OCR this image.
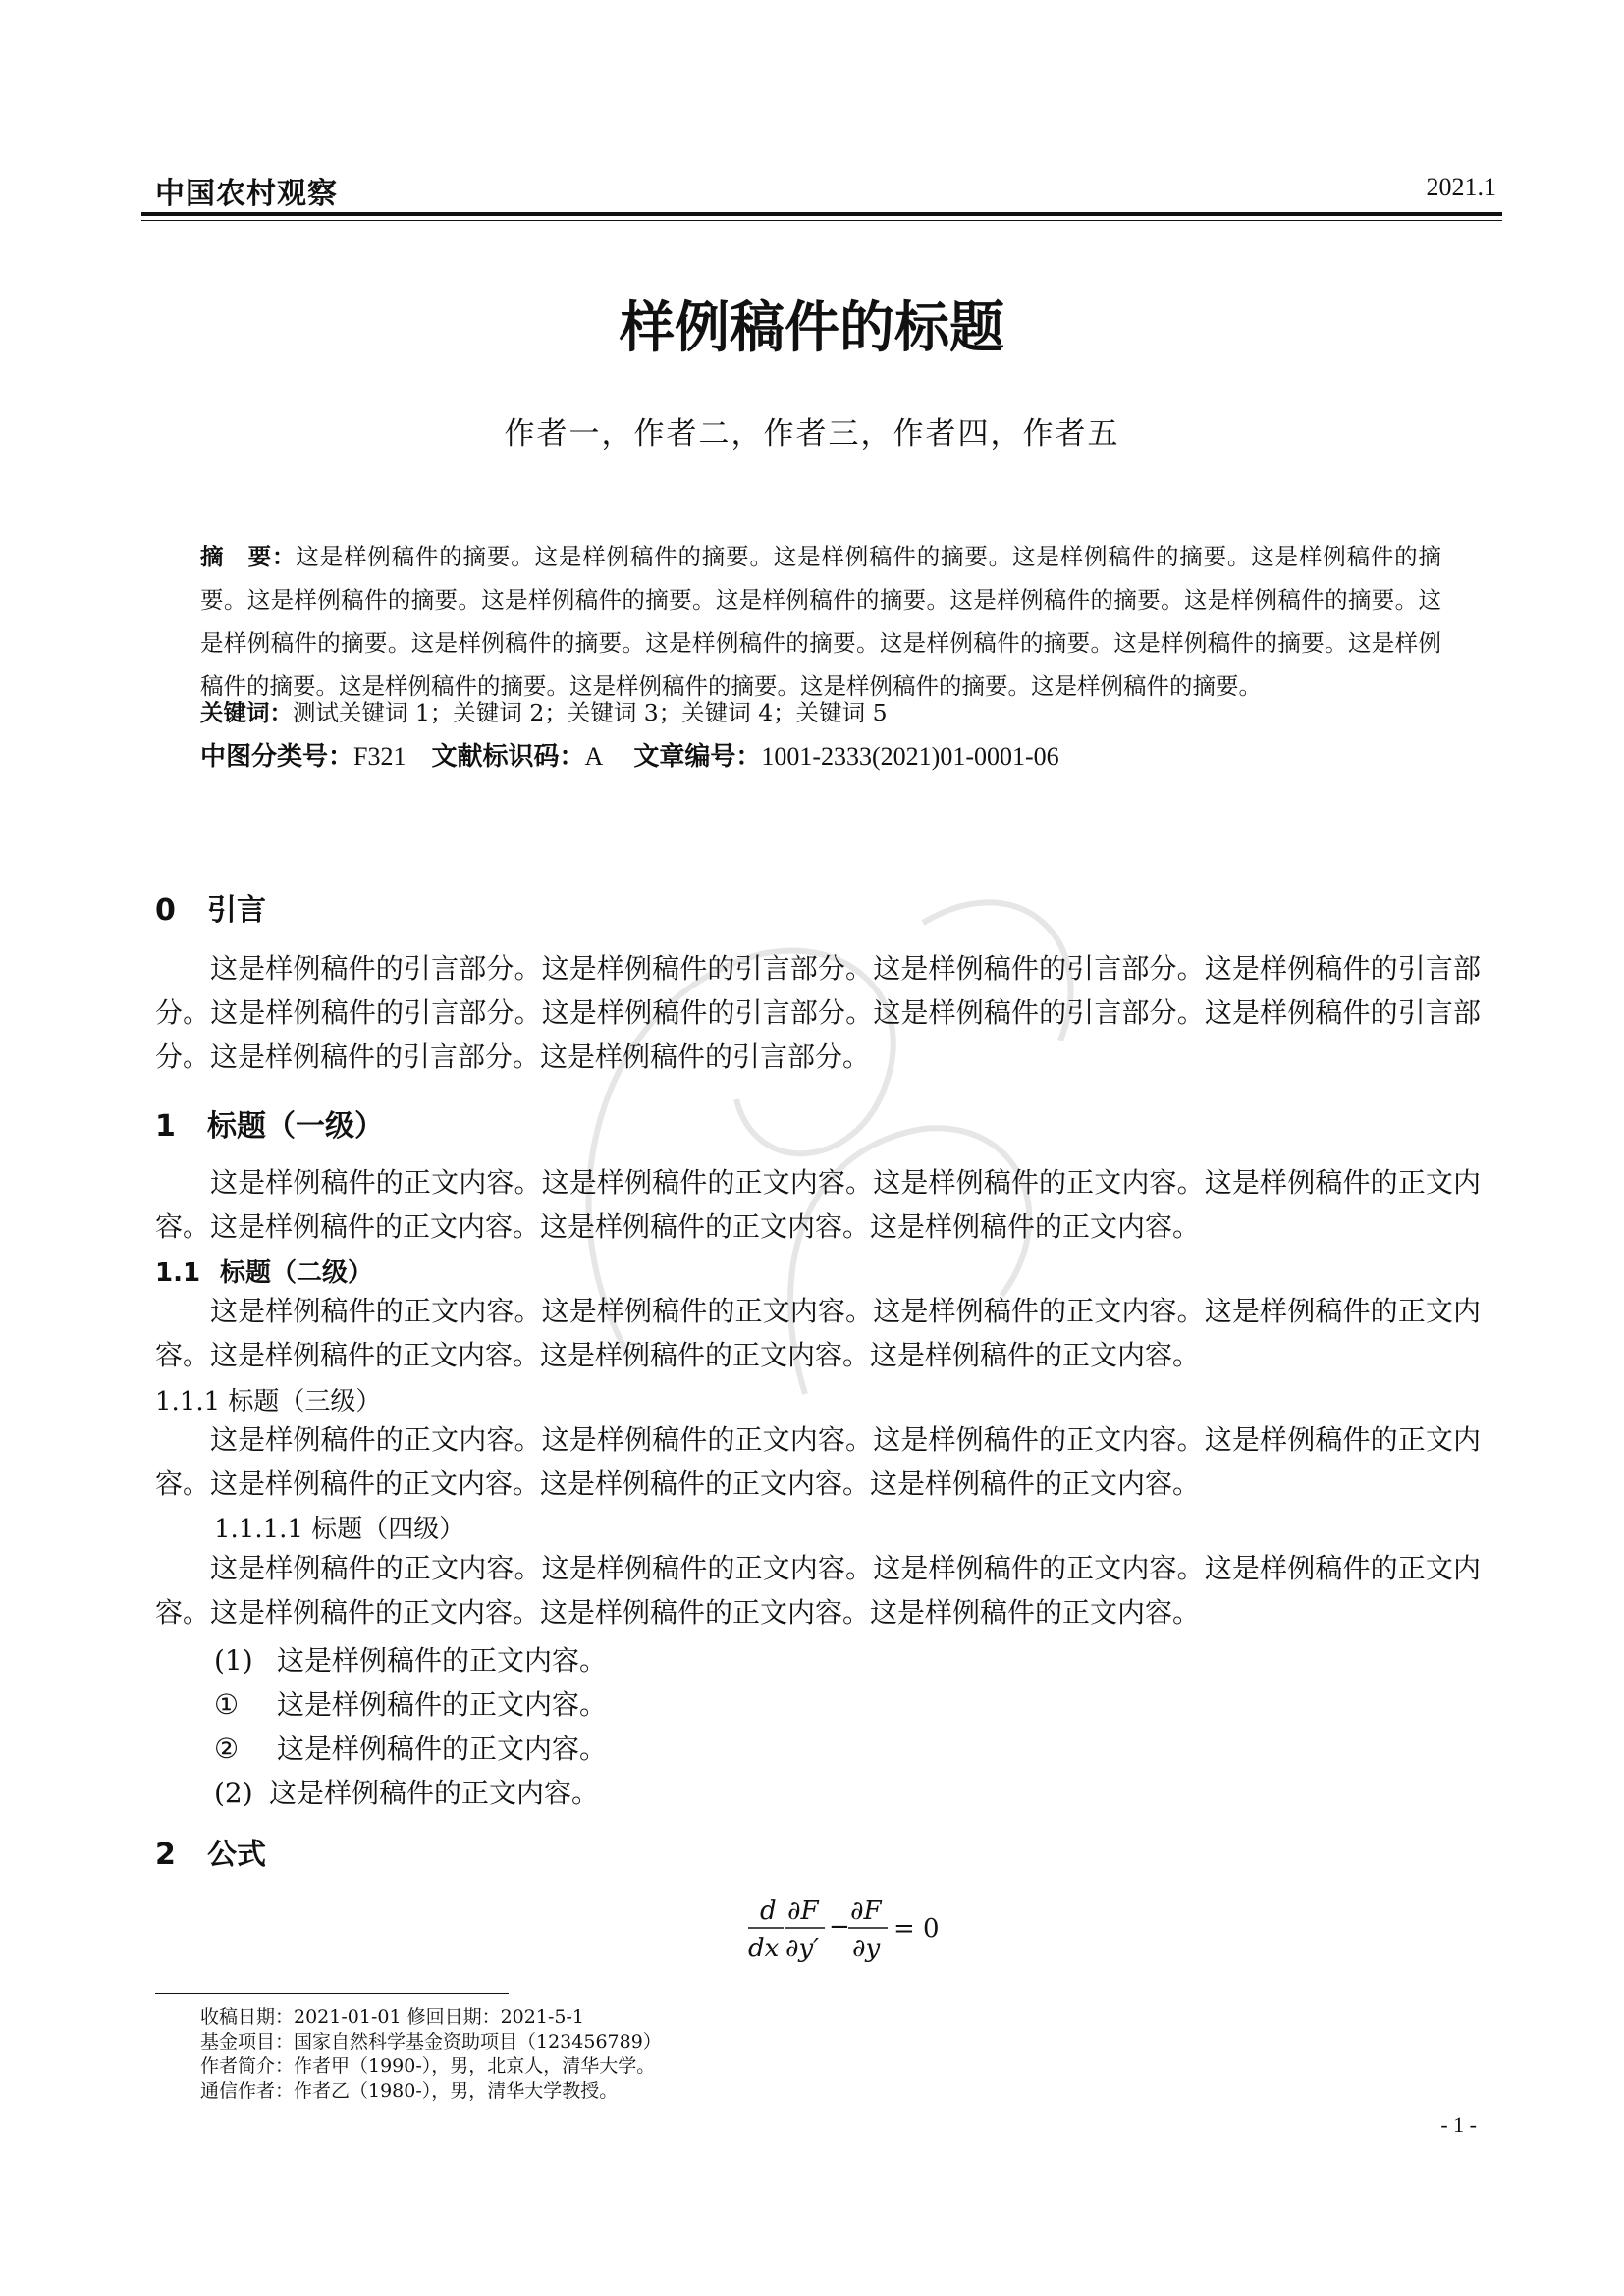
中国农村观察	2021.1
样例稿件的标题
作者一，作者二，作者三，作者四，作者五
摘　要：这是样例稿件的摘要。这是样例稿件的摘要。这是样例稿件的摘要。这是样例稿件的摘要。这是样例稿件的摘要。这是样例稿件的摘要。这是样例稿件的摘要。这是样例稿件的摘要。这是样例稿件的摘要。这是样例稿件的摘要。这是样例稿件的摘要。这是样例稿件的摘要。这是样例稿件的摘要。这是样例稿件的摘要。这是样例稿件的摘要。这是样例稿件的摘要。这是样例稿件的摘要。这是样例稿件的摘要。这是样例稿件的摘要。这是样例稿件的摘要。
关键词：测试关键词 1；关键词 2；关键词 3；关键词 4；关键词 5
中图分类号：F321 文献标识码：A 文章编号：1001-2333(2021)01-0001-06
0 引言
这是样例稿件的引言部分。这是样例稿件的引言部分。这是样例稿件的引言部分。这是样例稿件的引言部分。这是样例稿件的引言部分。这是样例稿件的引言部分。这是样例稿件的引言部分。这是样例稿件的引言部分。这是样例稿件的引言部分。这是样例稿件的引言部分。
1 标题（一级）
这是样例稿件的正文内容。这是样例稿件的正文内容。这是样例稿件的正文内容。这是样例稿件的正文内容。这是样例稿件的正文内容。这是样例稿件的正文内容。这是样例稿件的正文内容。
1.1 标题（二级）
这是样例稿件的正文内容。这是样例稿件的正文内容。这是样例稿件的正文内容。这是样例稿件的正文内容。这是样例稿件的正文内容。这是样例稿件的正文内容。这是样例稿件的正文内容。
1.1.1 标题（三级）
这是样例稿件的正文内容。这是样例稿件的正文内容。这是样例稿件的正文内容。这是样例稿件的正文内容。这是样例稿件的正文内容。这是样例稿件的正文内容。这是样例稿件的正文内容。
1.1.1.1 标题（四级）
这是样例稿件的正文内容。这是样例稿件的正文内容。这是样例稿件的正文内容。这是样例稿件的正文内容。这是样例稿件的正文内容。这是样例稿件的正文内容。这是样例稿件的正文内容。
(1) 这是样例稿件的正文内容。
① 这是样例稿件的正文内容。
② 这是样例稿件的正文内容。
(2) 这是样例稿件的正文内容。
2 公式
d
dx
∂F
∂y′
−
∂F
∂y
= 0
收稿日期：2021-01-01 修回日期：2021-5-1
基金项目：国家自然科学基金资助项目（123456789）
作者简介：作者甲（1990-），男，北京人，清华大学。
通信作者：作者乙（1980-），男，清华大学教授。
- 1 -
